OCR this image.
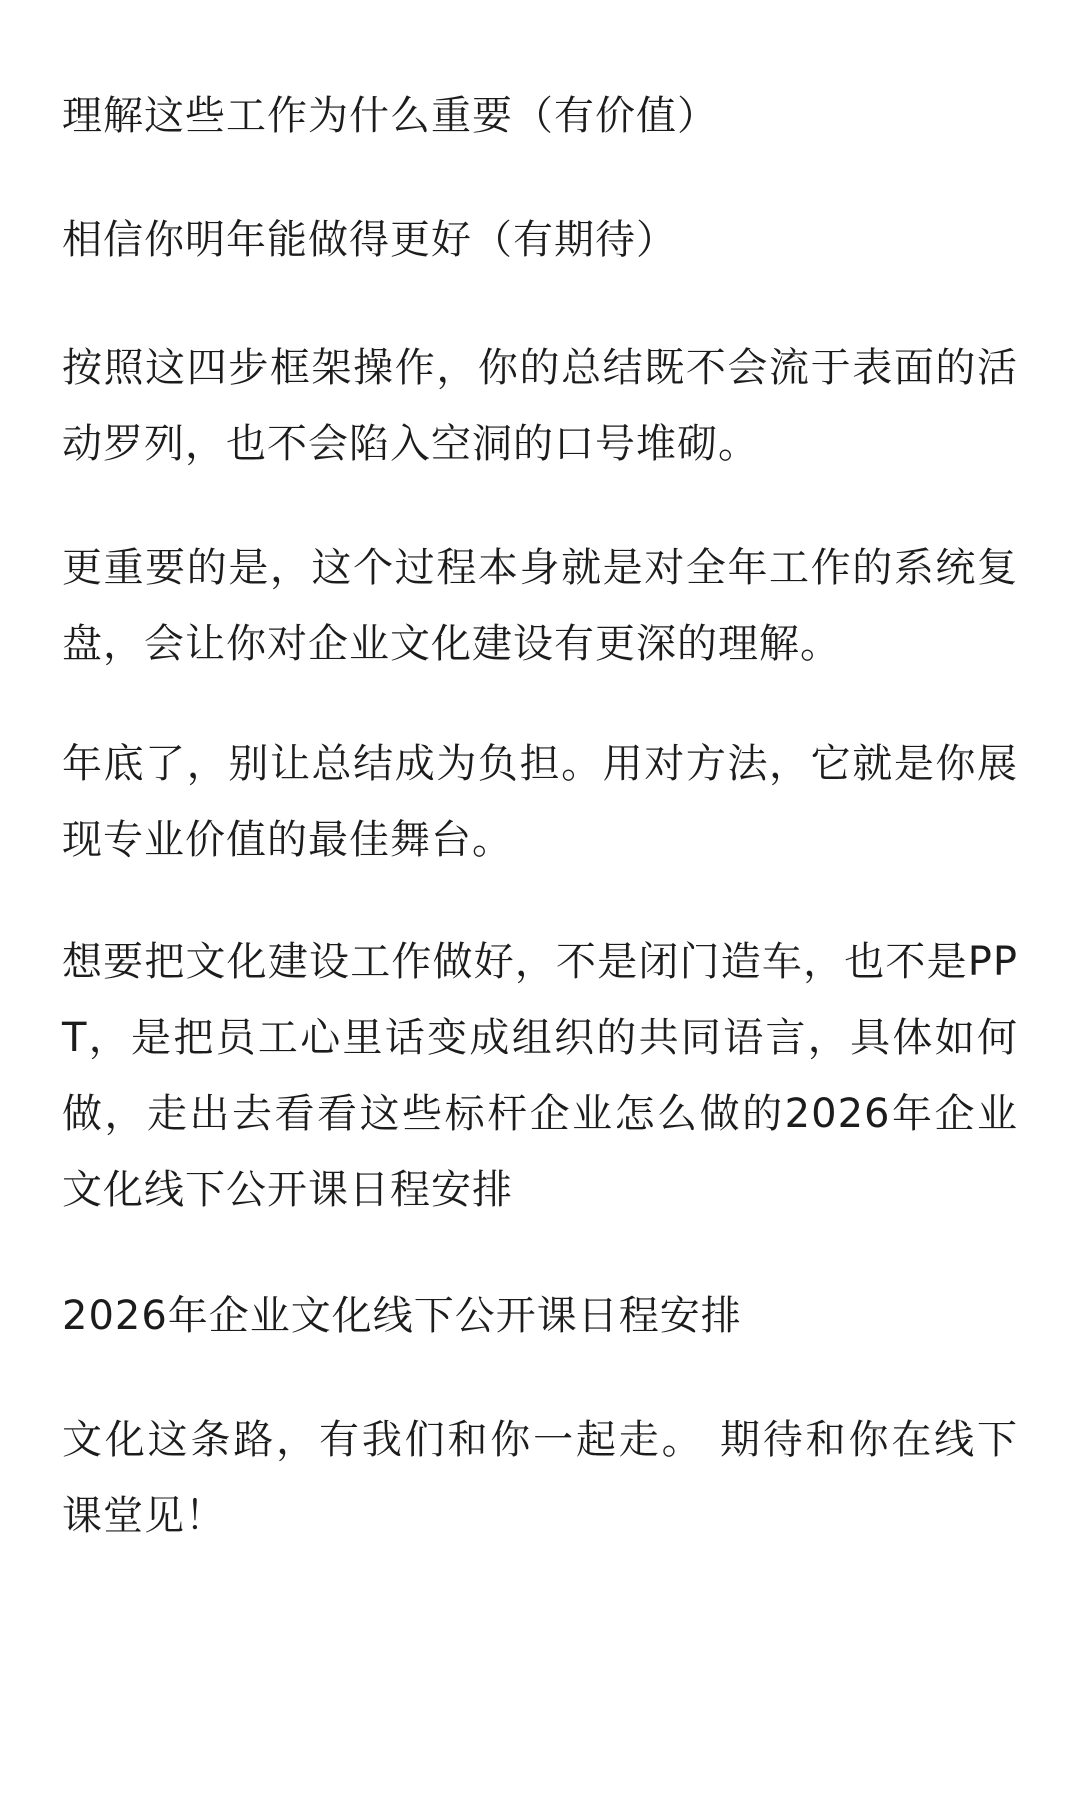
理解这些工作为什么重要（有价值）

相信你明年能做得更好（有期待）

按照这四步框架操作，你的总结既不会流于表面的活动罗列，也不会陷入空洞的口号堆砌。

更重要的是，这个过程本身就是对全年工作的系统复盘，会让你对企业文化建设有更深的理解。

年底了，别让总结成为负担。用对方法，它就是你展现专业价值的最佳舞台。

想要把文化建设工作做好，不是闭门造车，也不是PPT，是把员工心里话变成组织的共同语言，具体如何做，走出去看看这些标杆企业怎么做的2026年企业文化线下公开课日程安排

2026年企业文化线下公开课日程安排

文化这条路，有我们和你一起走。 期待和你在线下课堂见！
